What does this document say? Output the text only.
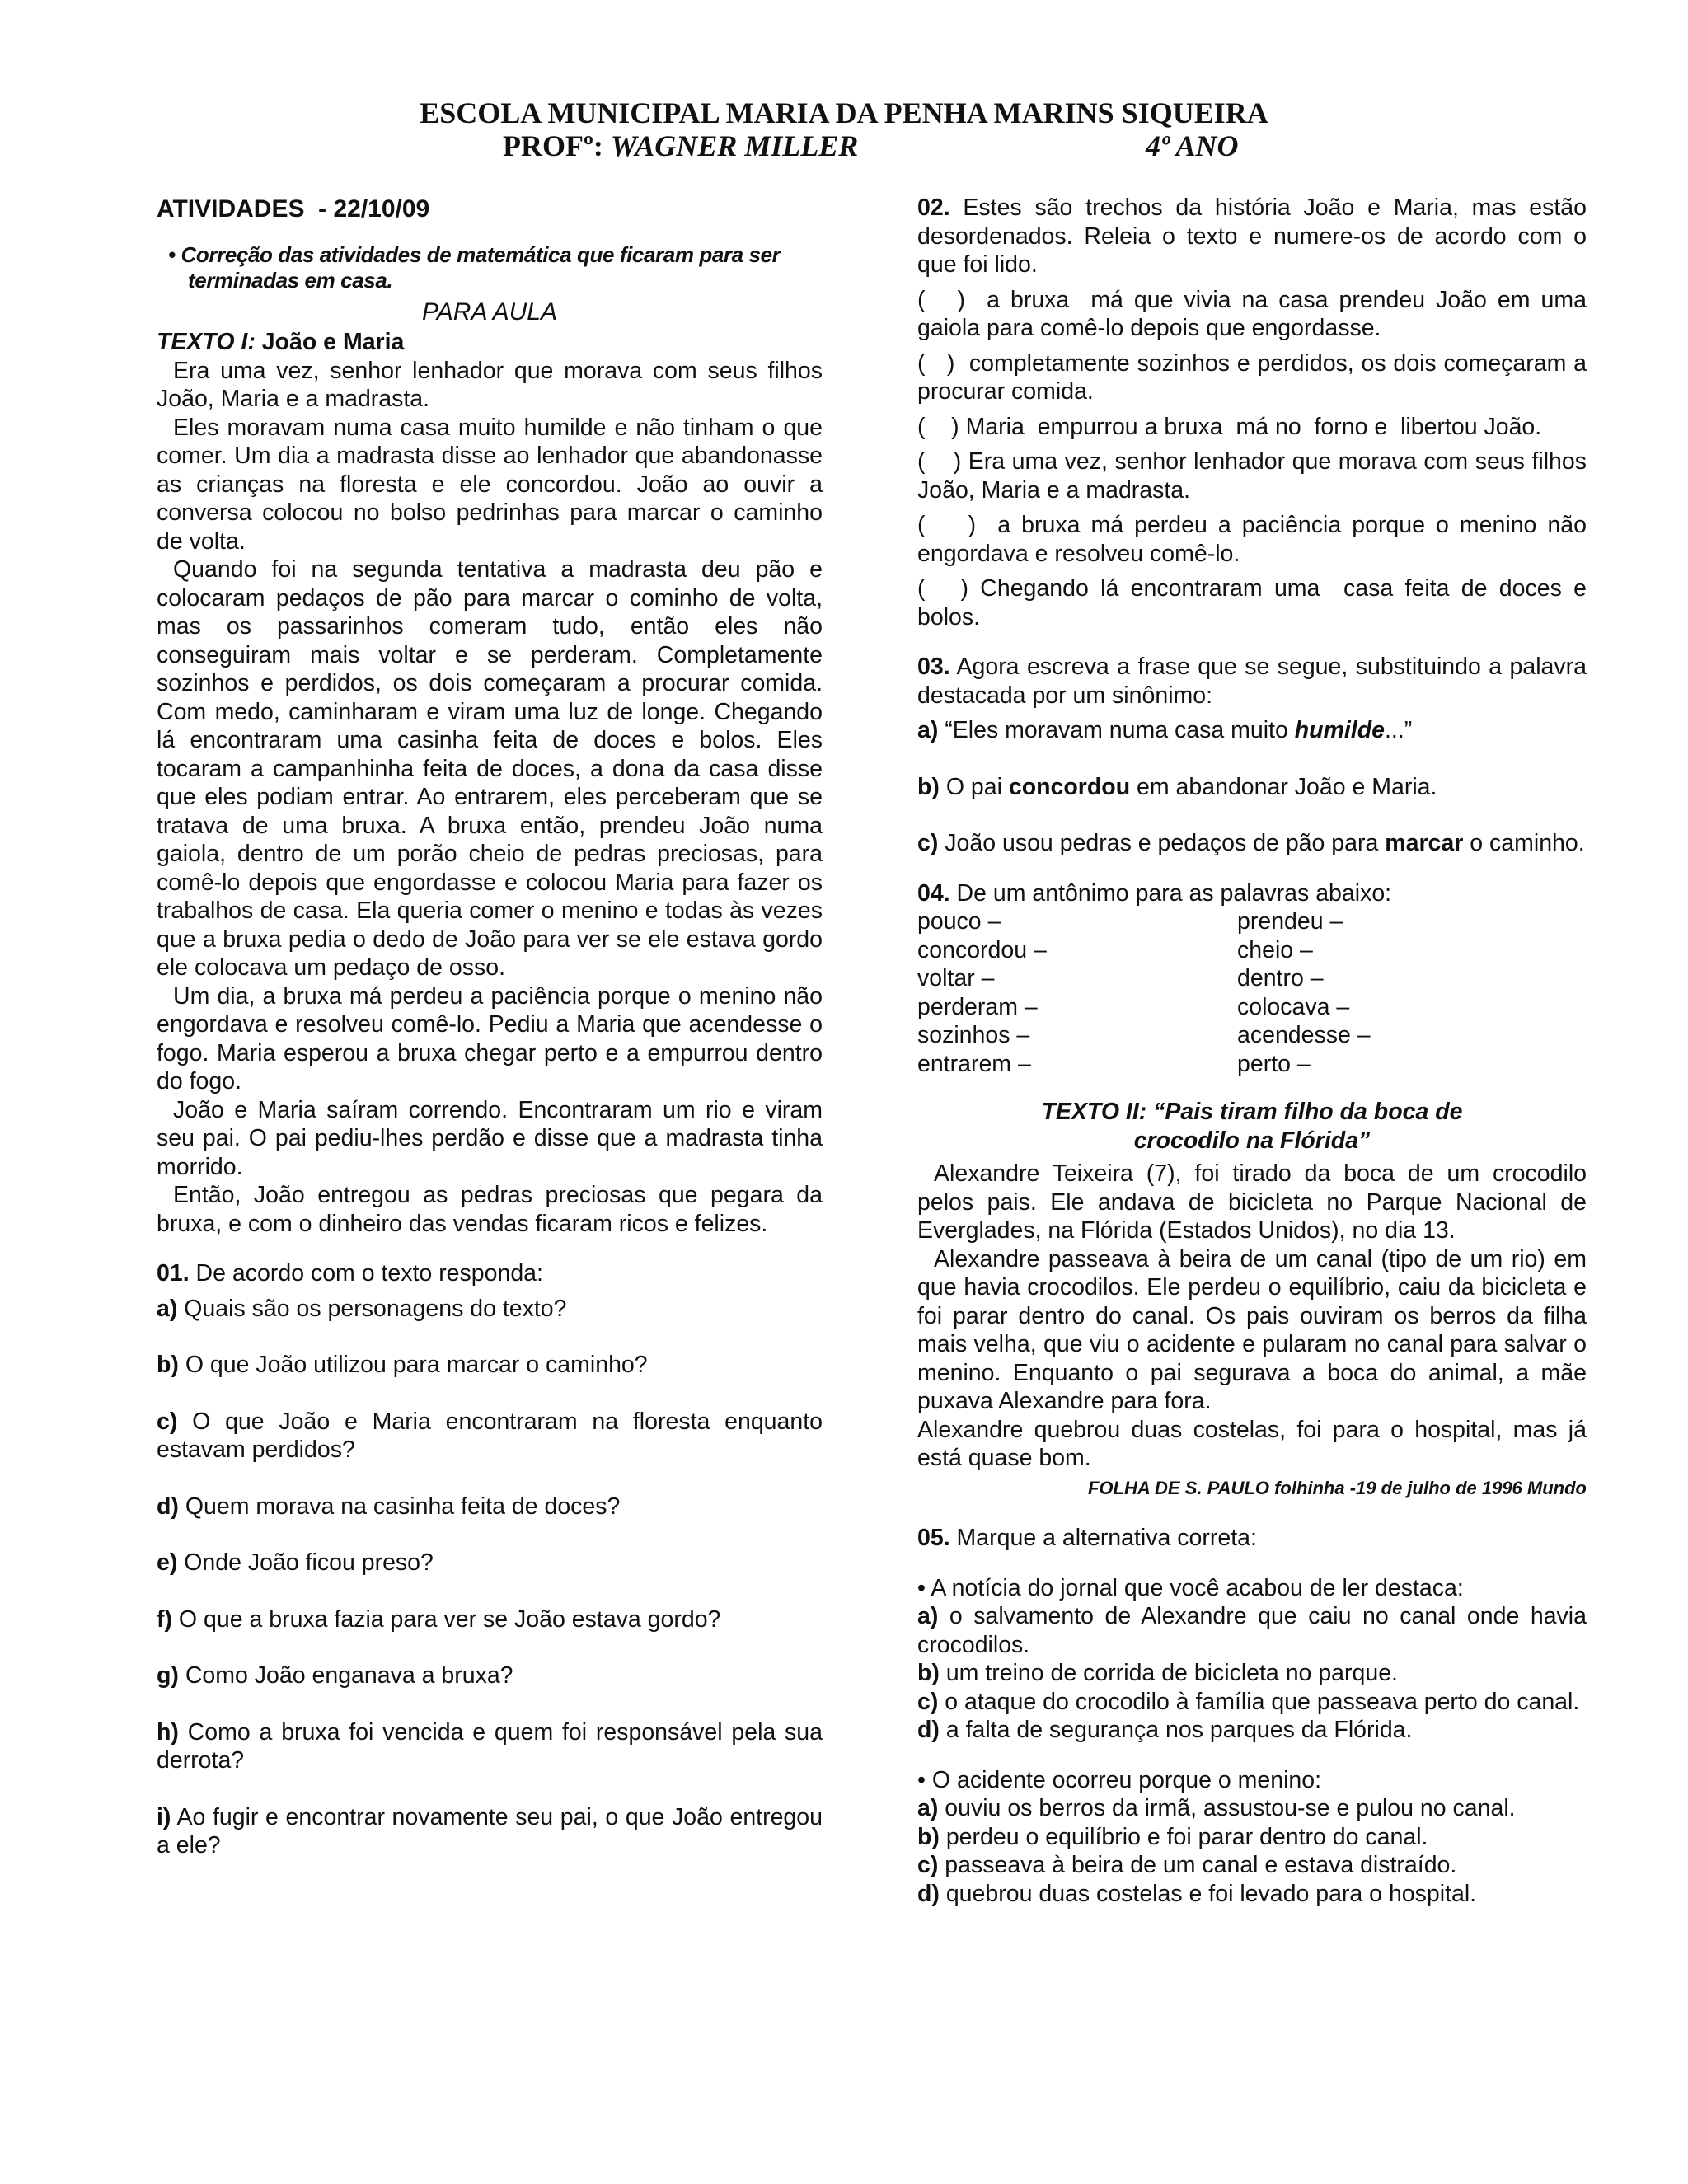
ESCOLA MUNICIPAL MARIA DA PENHA MARINS SIQUEIRA
PROFº: WAGNER MILLER	4º ANO

ATIVIDADES  - 22/10/09

• Correção das atividades de matemática que ficaram para ser terminadas em casa.

PARA AULA

TEXTO I: João e Maria

Era uma vez, senhor lenhador que morava com seus filhos João, Maria e a madrasta.

Eles moravam numa casa muito humilde e não tinham o que comer. Um dia a madrasta disse ao lenhador que abandonasse as crianças na floresta e ele concordou. João ao ouvir a conversa colocou no bolso pedrinhas para marcar o caminho de volta.

Quando foi na segunda tentativa a madrasta deu pão e colocaram pedaços de pão para marcar o cominho de volta, mas os passarinhos comeram tudo, então eles não conseguiram mais voltar e se perderam. Completamente sozinhos e perdidos, os dois começaram a procurar comida. Com medo, caminharam e viram uma luz de longe. Chegando lá encontraram uma casinha feita de doces e bolos. Eles tocaram a campanhinha feita de doces, a dona da casa disse que eles podiam entrar. Ao entrarem, eles perceberam que se tratava de uma bruxa. A bruxa então, prendeu João numa gaiola, dentro de um porão cheio de pedras preciosas, para comê-lo depois que engordasse e colocou Maria para fazer os trabalhos de casa. Ela queria comer o menino e todas às vezes que a bruxa pedia o dedo de João para ver se ele estava gordo ele colocava um pedaço de osso.

Um dia, a bruxa má perdeu a paciência porque o menino não engordava e resolveu comê-lo. Pediu a Maria que acendesse o fogo. Maria esperou a bruxa chegar perto e a empurrou dentro do fogo.

João e Maria saíram correndo. Encontraram um rio e viram seu pai. O pai pediu-lhes perdão e disse que a madrasta tinha morrido.

Então, João entregou as pedras preciosas que pegara da bruxa, e com o dinheiro das vendas ficaram ricos e felizes.

01. De acordo com o texto responda:

a) Quais são os personagens do texto?

b) O que João utilizou para marcar o caminho?

c) O que João e Maria encontraram na floresta enquanto estavam perdidos?

d) Quem morava na casinha feita de doces?

e) Onde João ficou preso?

f) O que a bruxa fazia para ver se João estava gordo?

g) Como João enganava a bruxa?

h) Como a bruxa foi vencida e quem foi responsável pela sua derrota?

i) Ao fugir e encontrar novamente seu pai, o que João entregou a ele?

02. Estes são trechos da história João e Maria, mas estão desordenados. Releia o texto e numere-os de acordo com o que foi lido.

(   )  a bruxa  má que vivia na casa prendeu João em uma gaiola para comê-lo depois que engordasse.

(   )  completamente sozinhos e perdidos, os dois começaram a procurar comida.

(    ) Maria  empurrou a bruxa  má no  forno e  libertou João.

(    ) Era uma vez, senhor lenhador que morava com seus filhos João, Maria e a madrasta.

(    )  a bruxa má perdeu a paciência porque o menino não engordava e resolveu comê-lo.

(   ) Chegando lá encontraram uma  casa feita de doces e bolos.

03. Agora escreva a frase que se segue, substituindo a palavra destacada por um sinônimo:

a) “Eles moravam numa casa muito humilde...”

b) O pai concordou em abandonar João e Maria.

c) João usou pedras e pedaços de pão para marcar o caminho.

04. De um antônimo para as palavras abaixo:

pouco –	prendeu –
concordou –	cheio –
voltar –	dentro –
perderam –	colocava –
sozinhos –	acendesse –
entrarem –	perto –
TEXTO II: “Pais tiram filho da boca de
crocodilo na Flórida”

Alexandre Teixeira (7), foi tirado da boca de um crocodilo pelos pais. Ele andava de bicicleta no Parque Nacional de Everglades, na Flórida (Estados Unidos), no dia 13.

Alexandre passeava à beira de um canal (tipo de um rio) em que havia crocodilos. Ele perdeu o equilíbrio, caiu da bicicleta e foi parar dentro do canal. Os pais ouviram os berros da filha mais velha, que viu o acidente e pularam no canal para salvar o menino. Enquanto o pai segurava a boca do animal, a mãe puxava Alexandre para fora.

Alexandre quebrou duas costelas, foi para o hospital, mas já está quase bom.

FOLHA DE S. PAULO folhinha -19 de julho de 1996 Mundo

05. Marque a alternativa correta:

• A notícia do jornal que você acabou de ler destaca:

a) o salvamento de Alexandre que caiu no canal onde havia crocodilos.

b) um treino de corrida de bicicleta no parque.

c) o ataque do crocodilo à família que passeava perto do canal.

d) a falta de segurança nos parques da Flórida.

• O acidente ocorreu porque o menino:

a) ouviu os berros da irmã, assustou-se e pulou no canal.

b) perdeu o equilíbrio e foi parar dentro do canal.

c) passeava à beira de um canal e estava distraído.

d) quebrou duas costelas e foi levado para o hospital.
